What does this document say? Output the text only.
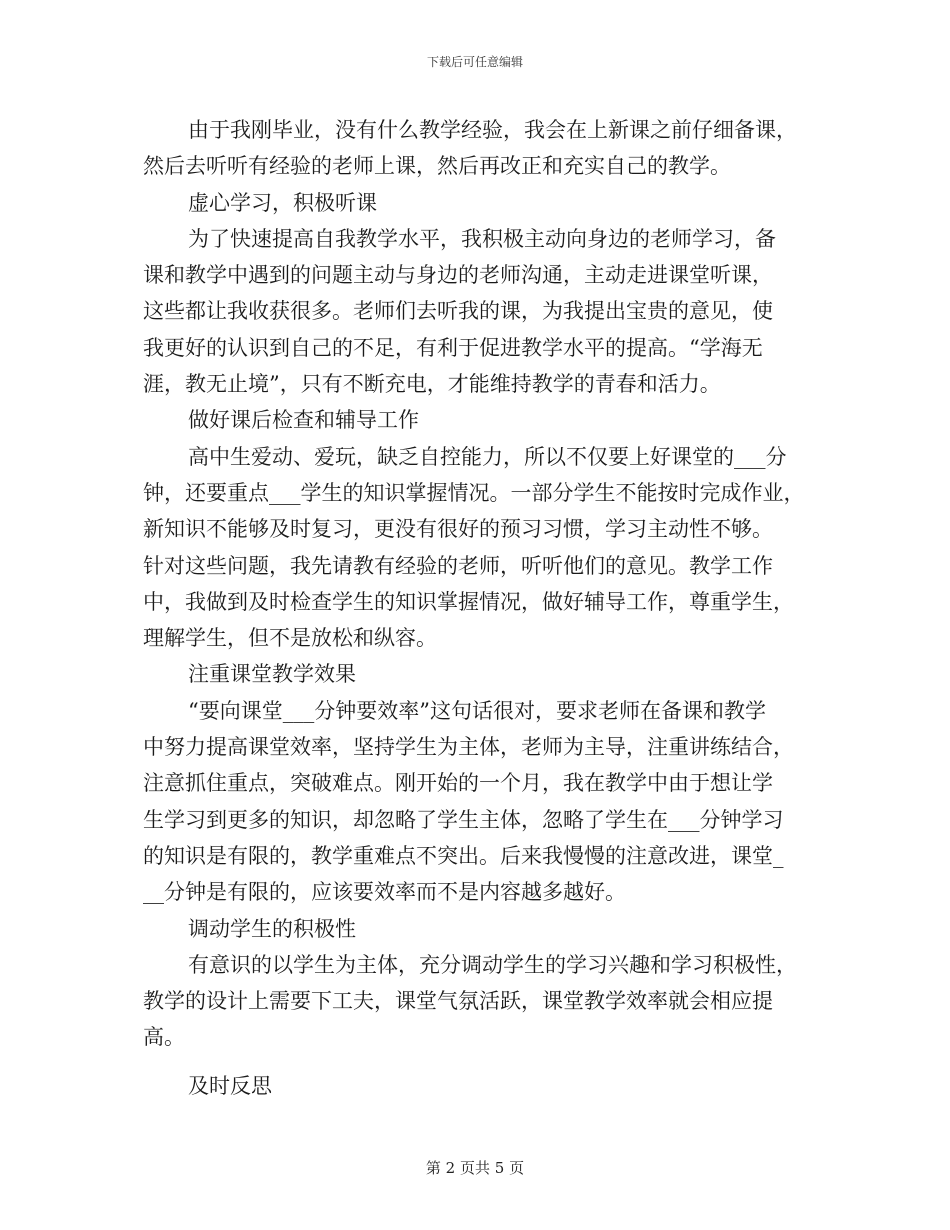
下载后可任意编辑
由于我刚毕业，没有什么教学经验，我会在上新课之前仔细备课，
然后去听听有经验的老师上课，然后再改正和充实自己的教学。
虚心学习，积极听课
为了快速提高自我教学水平，我积极主动向身边的老师学习，备
课和教学中遇到的问题主动与身边的老师沟通，主动走进课堂听课，
这些都让我收获很多。老师们去听我的课，为我提出宝贵的意见，使
我更好的认识到自己的不足，有利于促进教学水平的提高。“学海无
涯，教无止境”，只有不断充电，才能维持教学的青春和活力。
做好课后检查和辅导工作
高中生爱动、爱玩，缺乏自控能力，所以不仅要上好课堂的___分
钟，还要重点___学生的知识掌握情况。一部分学生不能按时完成作业，
新知识不能够及时复习，更没有很好的预习习惯，学习主动性不够。
针对这些问题，我先请教有经验的老师，听听他们的意见。教学工作
中，我做到及时检查学生的知识掌握情况，做好辅导工作，尊重学生，
理解学生，但不是放松和纵容。
注重课堂教学效果
“要向课堂___分钟要效率”这句话很对，要求老师在备课和教学
中努力提高课堂效率，坚持学生为主体，老师为主导，注重讲练结合，
注意抓住重点，突破难点。刚开始的一个月，我在教学中由于想让学
生学习到更多的知识，却忽略了学生主体，忽略了学生在___分钟学习
的知识是有限的，教学重难点不突出。后来我慢慢的注意改进，课堂_
__分钟是有限的，应该要效率而不是内容越多越好。
调动学生的积极性
有意识的以学生为主体，充分调动学生的学习兴趣和学习积极性，
教学的设计上需要下工夫，课堂气氛活跃，课堂教学效率就会相应提
高。
及时反思
第 2 页共 5 页
